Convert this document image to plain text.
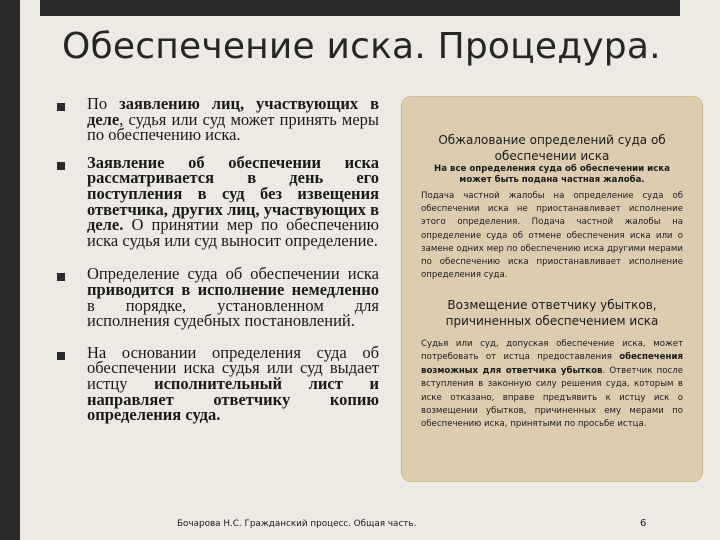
Обеспечение иска. Процедура.
По заявлению лиц, участвующих в деле, судья или суд может принять меры по обеспечению иска.
Заявление об обеспечении иска рассматривается в день его поступления в суд без извещения ответчика, других лиц, участвующих в деле. О принятии мер по обеспечению иска судья или суд выносит определение.
Определение суда об обеспечении иска приводится в исполнение немедленно в порядке, установленном для исполнения судебных постановлений.
На основании определения суда об обеспечении иска судья или суд выдает истцу исполнительный лист и направляет ответчику копию определения суда.
Обжалование определений суда об обеспечении иска
На все определения суда об обеспечении иска может быть подана частная жалоба.
Подача частной жалобы на определение суда об обеспечении иска не приостанавливает исполнение этого определения. Подача частной жалобы на определение суда об отмене обеспечения иска или о замене одних мер по обеспечению иска другими мерами по обеспечению иска приостанавливает исполнение определения суда.
Возмещение ответчику убытков, причиненных обеспечением иска
Судья или суд, допуская обеспечение иска, может потребовать от истца предоставления обеспечения возможных для ответчика убытков. Ответчик после вступления в законную силу решения суда, которым в иске отказано, вправе предъявить к истцу иск о возмещении убытков, причиненных ему мерами по обеспечению иска, принятыми по просьбе истца.
Бочарова Н.С. Гражданский процесс. Общая часть.	6
